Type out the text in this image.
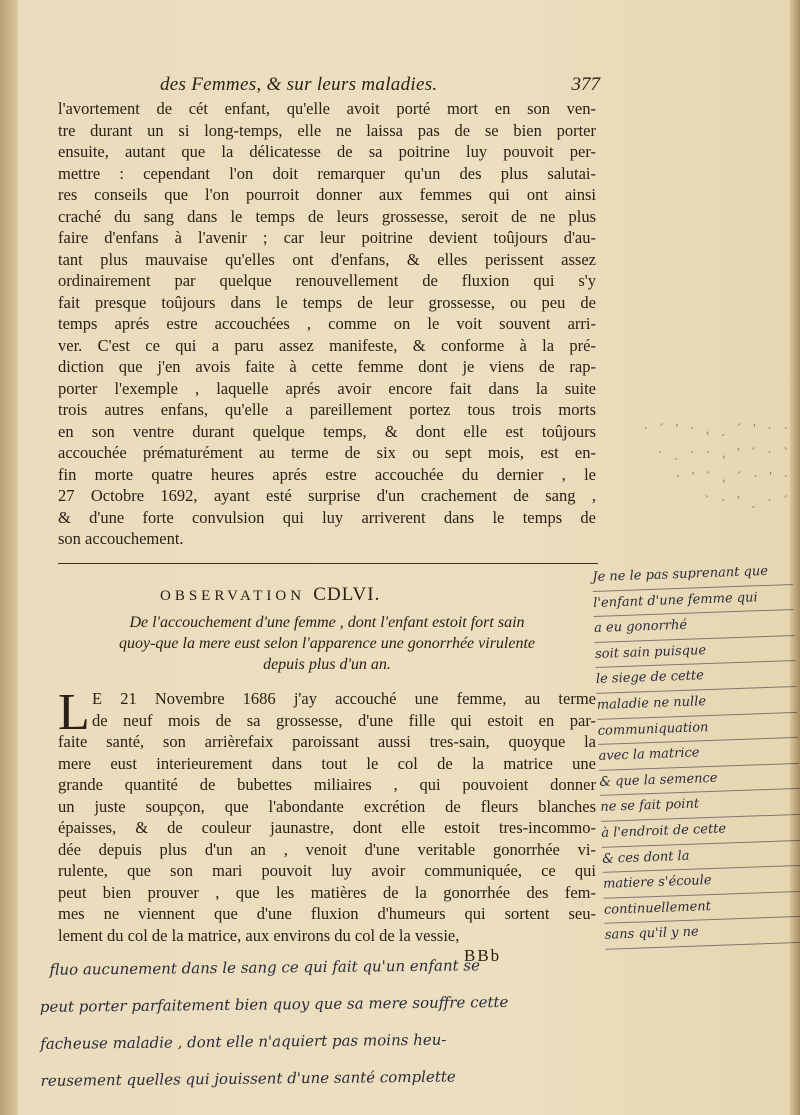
des Femmes, & sur leurs maladies.	377
l'avortement de cét enfant, qu'elle avoit porté mort en son ven-
tre durant un si long-temps, elle ne laissa pas de se bien porter
ensuite, autant que la délicatesse de sa poitrine luy pouvoit per-
mettre : cependant l'on doit remarquer qu'un des plus salutai-
res conseils que l'on pourroit donner aux femmes qui ont ainsi
craché du sang dans le temps de leurs grossesse, seroit de ne plus
faire d'enfans à l'avenir ; car leur poitrine devient toûjours d'au-
tant plus mauvaise qu'elles ont d'enfans, & elles perissent assez
ordinairement par quelque renouvellement de fluxion qui s'y
fait presque toûjours dans le temps de leur grossesse, ou peu de
temps aprés estre accouchées , comme on le voit souvent arri-
ver. C'est ce qui a paru assez manifeste, & conforme à la pré-
diction que j'en avois faite à cette femme dont je viens de rap-
porter l'exemple , laquelle aprés avoir encore fait dans la suite
trois autres enfans, qu'elle a pareillement portez tous trois morts
en son ventre durant quelque temps, & dont elle est toûjours
accouchée prématurément au terme de six ou sept mois, est en-
fin morte quatre heures aprés estre accouchée du dernier , le
27 Octobre 1692, ayant esté surprise d'un crachement de sang ,
& d'une forte convulsion qui luy arriverent dans le temps de
son accouchement.
OBSERVATION CDLVI.
De l'accouchement d'une femme , dont l'enfant estoit fort sain
quoy-que la mere eust selon l'apparence une gonorrhée virulente
depuis plus d'un an.
L E 21 Novembre 1686 j'ay accouché une femme, au terme
de neuf mois de sa grossesse, d'une fille qui estoit en par-
faite santé, son arrièrefaix paroissant aussi tres-sain, quoyque la
mere eust interieurement dans tout le col de la matrice une
grande quantité de bubettes miliaires , qui pouvoient donner
un juste soupçon, que l'abondante excrétion de fleurs blanches
épaisses, & de couleur jaunastre, dont elle estoit tres-incommo-
dée depuis plus d'un an , venoit d'une veritable gonorrhée vi-
rulente, que son mari pouvoit luy avoir communiquée, ce qui
peut bien prouver , que les matières de la gonorrhée des fem-
mes ne viennent que d'une fluxion d'humeurs qui sortent seu-
lement du col de la matrice, aux environs du col de la vessie,
BBb
· · ' ˋ ˎ , · ' ˋ ·
ˊ · ˋ ' , · · ˎ ·
· ' · ˋ , ˊ ' ·
ˋ · ˎ ' · ˊ
Je ne le pas suprenant que
l'enfant d'une femme qui
a eu gonorrhé
soit sain puisque
le siege de cette
maladie ne nulle
communiquation
avec la matrice
& que la semence
ne se fait point
à l'endroit de cette
& ces dont la
matiere s'écoule
continuellement
sans qu'il y ne
fluo aucunement dans le sang ce qui fait qu'un enfant se
peut porter parfaitement bien quoy que sa mere souffre cette
facheuse maladie , dont elle n'aquiert pas moins heu-
reusement quelles qui jouissent d'une santé complette
